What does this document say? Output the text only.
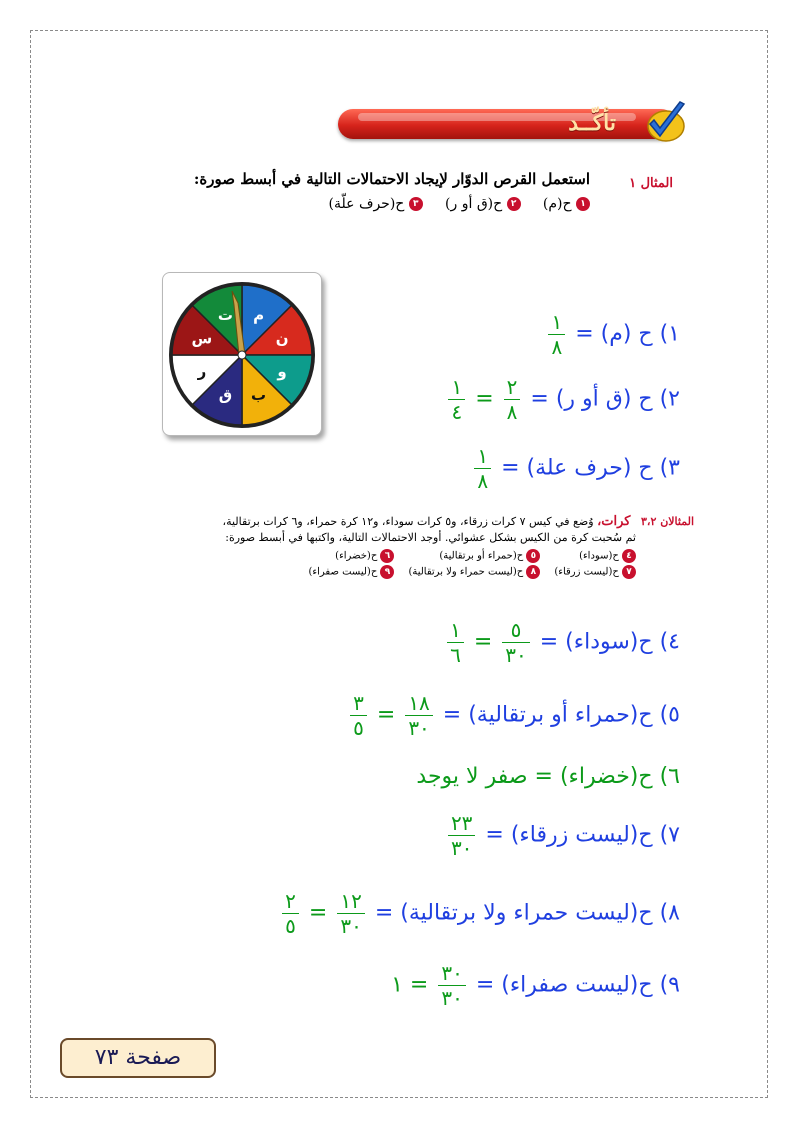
تأكّــد
المثال ١
استعمل القرص الدوّار لإيجاد الاحتمالات التالية في أبسط صورة:
١ ح(م)     ٢ ح(ق أو ر)     ٣ ح(حرف علّة)
م
ن
و
ب
ق
ر
س
ت
١) ح (م) =
$\frac{١}{٨}$
٢) ح (ق أو ر) =
$\frac{٢}{٨}$
=
$\frac{١}{٤}$
٣) ح (حرف علة) =
$\frac{١}{٨}$
المثالان ٣،٢   كرات، وُضع في كيس ٧ كرات زرقاء، و٥ كرات سوداء، و١٢ كرة حمراء، و٦ كرات برتقالية،
ثم سُحبت كرة من الكيس بشكل عشوائي. أوجد الاحتمالات التالية، واكتبها في أبسط صورة:
٤ ح(سوداء)
٥ ح(حمراء أو برتقالية)
٦ ح(خضراء)
٧ ح(ليست زرقاء)
٨ ح(ليست حمراء ولا برتقالية)
٩ ح(ليست صفراء)
٤) ح(سوداء) =
$\frac{٥}{٣٠}$
=
$\frac{١}{٦}$
٥) ح(حمراء أو برتقالية) =
$\frac{١٨}{٣٠}$
=
$\frac{٣}{٥}$
٦) ح(خضراء) = صفر لا يوجد
٧) ح(ليست زرقاء) =
$\frac{٢٣}{٣٠}$
٨) ح(ليست حمراء ولا برتقالية) =
$\frac{١٢}{٣٠}$
=
$\frac{٢}{٥}$
٩) ح(ليست صفراء) =
$\frac{٣٠}{٣٠}$
= ١
صفحة ٧٣
